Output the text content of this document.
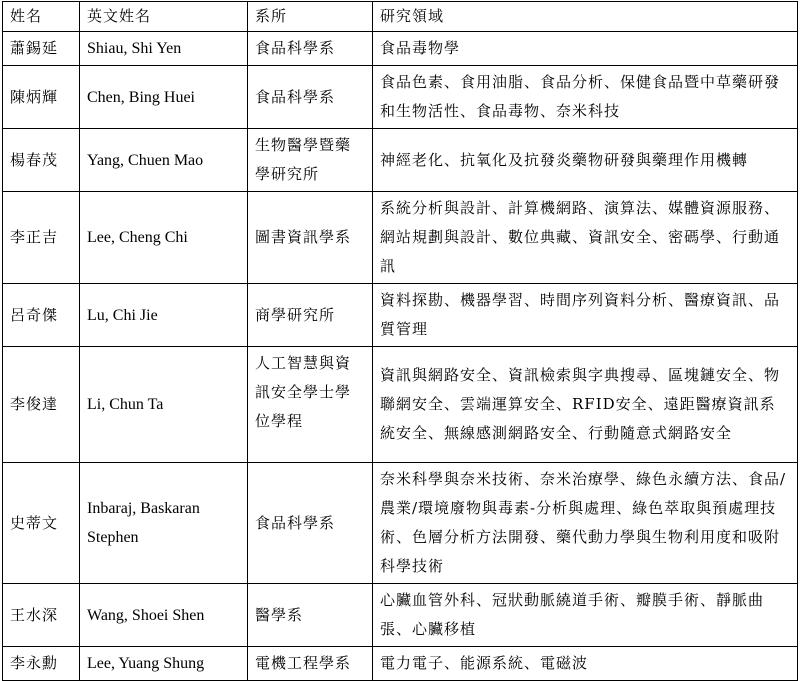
姓名	英文姓名	系所	研究領域
蕭錫延	Shiau, Shi Yen	食品科學系	食品毒物學
陳炳輝	Chen, Bing Huei	食品科學系	食品色素、食用油脂、食品分析、保健食品暨中草藥研發和生物活性、食品毒物、奈米科技
楊春茂	Yang, Chuen Mao	生物醫學暨藥學研究所	神經老化、抗氧化及抗發炎藥物研發與藥理作用機轉
李正吉	Lee, Cheng Chi	圖書資訊學系	系統分析與設計、計算機網路、演算法、媒體資源服務、網站規劃與設計、數位典藏、資訊安全、密碼學、行動通訊
呂奇傑	Lu, Chi Jie	商學研究所	資料探勘、機器學習、時間序列資料分析、醫療資訊、品質管理
李俊達	Li, Chun Ta	人工智慧與資訊安全學士學位學程	資訊與網路安全、資訊檢索與字典搜尋、區塊鏈安全、物聯網安全、雲端運算安全、RFID安全、遠距醫療資訊系統安全、無線感測網路安全、行動隨意式網路安全
史蒂文	Inbaraj, Baskaran Stephen	食品科學系	奈米科學與奈米技術、奈米治療學、綠色永續方法、食品/農業/環境廢物與毒素-分析與處理、綠色萃取與預處理技術、色層分析方法開發、藥代動力學與生物利用度和吸附科學技術
王水深	Wang, Shoei Shen	醫學系	心臟血管外科、冠狀動脈繞道手術、瓣膜手術、靜脈曲張、心臟移植
李永勳	Lee, Yuang Shung	電機工程學系	電力電子、能源系統、電磁波
